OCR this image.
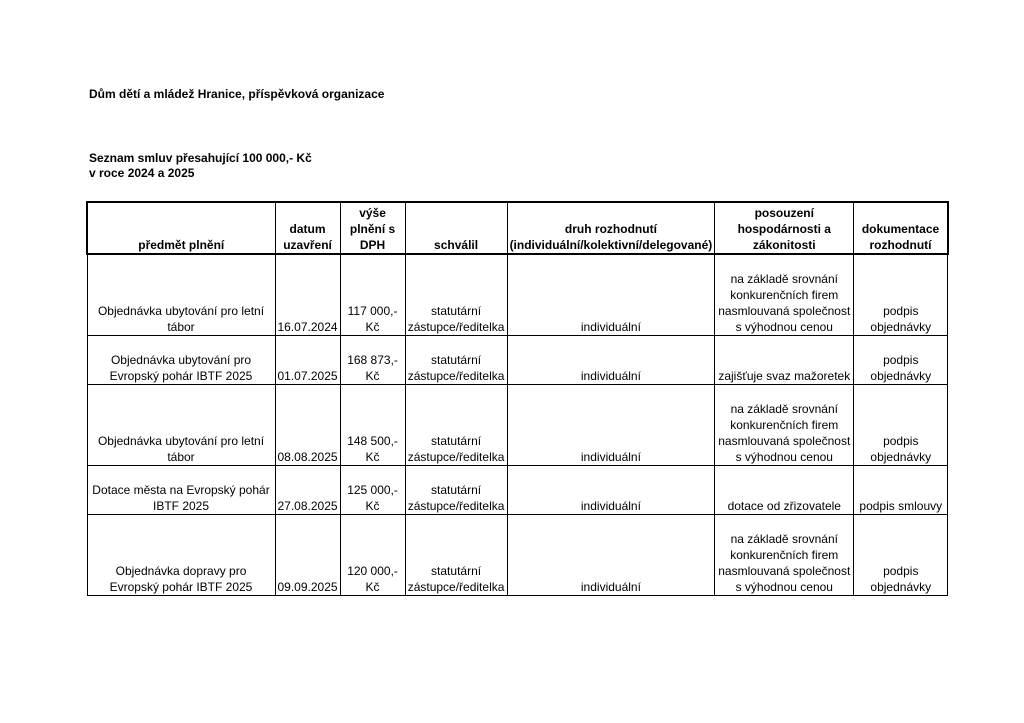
Dům dětí a mládež Hranice, příspěvková organizace

Seznam smluv přesahující 100 000,- Kč
v roce 2024 a 2025
předmět plnění	datum uzavření	výše plnění s DPH	schválil	druh rozhodnutí (individuální/kolektivní/delegované)	posouzení hospodárnosti a zákonitosti	dokumentace rozhodnutí
Objednávka ubytování pro letní tábor	16.07.2024	117 000,- Kč	statutární zástupce/ředitelka	individuální	na základě srovnání konkurenčních firem nasmlouvaná společnost s výhodnou cenou	podpis objednávky
Objednávka ubytování pro Evropský pohár IBTF 2025	01.07.2025	168 873,- Kč	statutární zástupce/ředitelka	individuální	zajišťuje svaz mažoretek	podpis objednávky
Objednávka ubytování pro letní tábor	08.08.2025	148 500,- Kč	statutární zástupce/ředitelka	individuální	na základě srovnání konkurenčních firem nasmlouvaná společnost s výhodnou cenou	podpis objednávky
Dotace města na Evropský pohár IBTF 2025	27.08.2025	125 000,- Kč	statutární zástupce/ředitelka	individuální	dotace od zřizovatele	podpis smlouvy
Objednávka dopravy pro Evropský pohár IBTF 2025	09.09.2025	120 000,- Kč	statutární zástupce/ředitelka	individuální	na základě srovnání konkurenčních firem nasmlouvaná společnost s výhodnou cenou	podpis objednávky
